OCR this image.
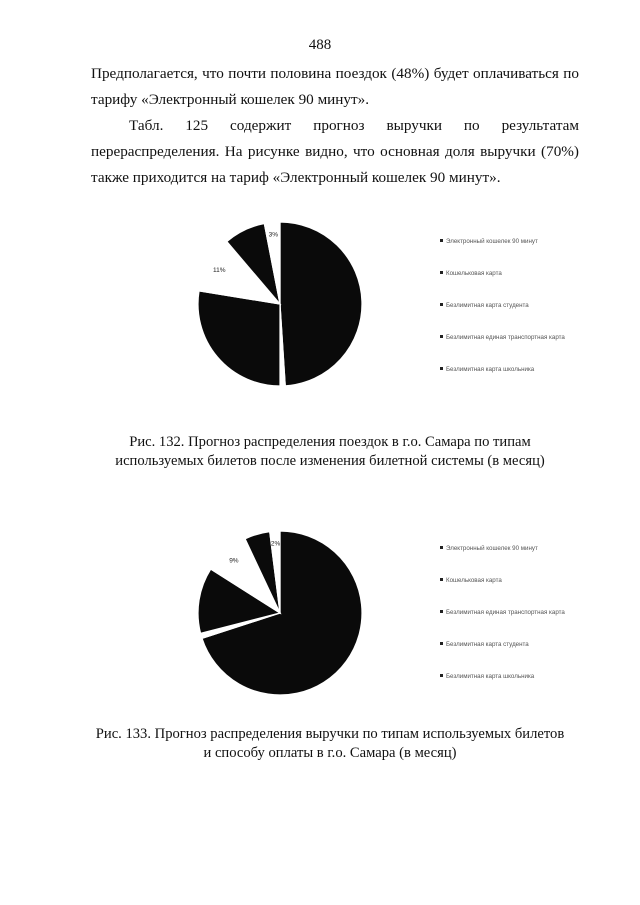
488

Предполагается, что почти половина поездок (48%) будет оплачиваться по тарифу «Электронный кошелек 90 минут».

Табл. 125 содержит прогноз выручки по результатам перераспределения. На рисунке видно, что основная доля выручки (70%) также приходится на тариф «Электронный кошелек 90 минут».

11%
3%
Электронный кошелек 90 минут
Кошельковая карта
Безлимитная карта студента
Безлимитная единая транспортная карта
Безлимитная карта школьника
Рис. 132. Прогноз распределения поездок в г.о. Самара по типам
используемых билетов после изменения билетной системы (в месяц)
9%
2%
Электронный кошелек 90 минут
Кошельковая карта
Безлимитная единая транспортная карта
Безлимитная карта студента
Безлимитная карта школьника
Рис. 133. Прогноз распределения выручки по типам используемых билетов
и способу оплаты в г.о. Самара (в месяц)
